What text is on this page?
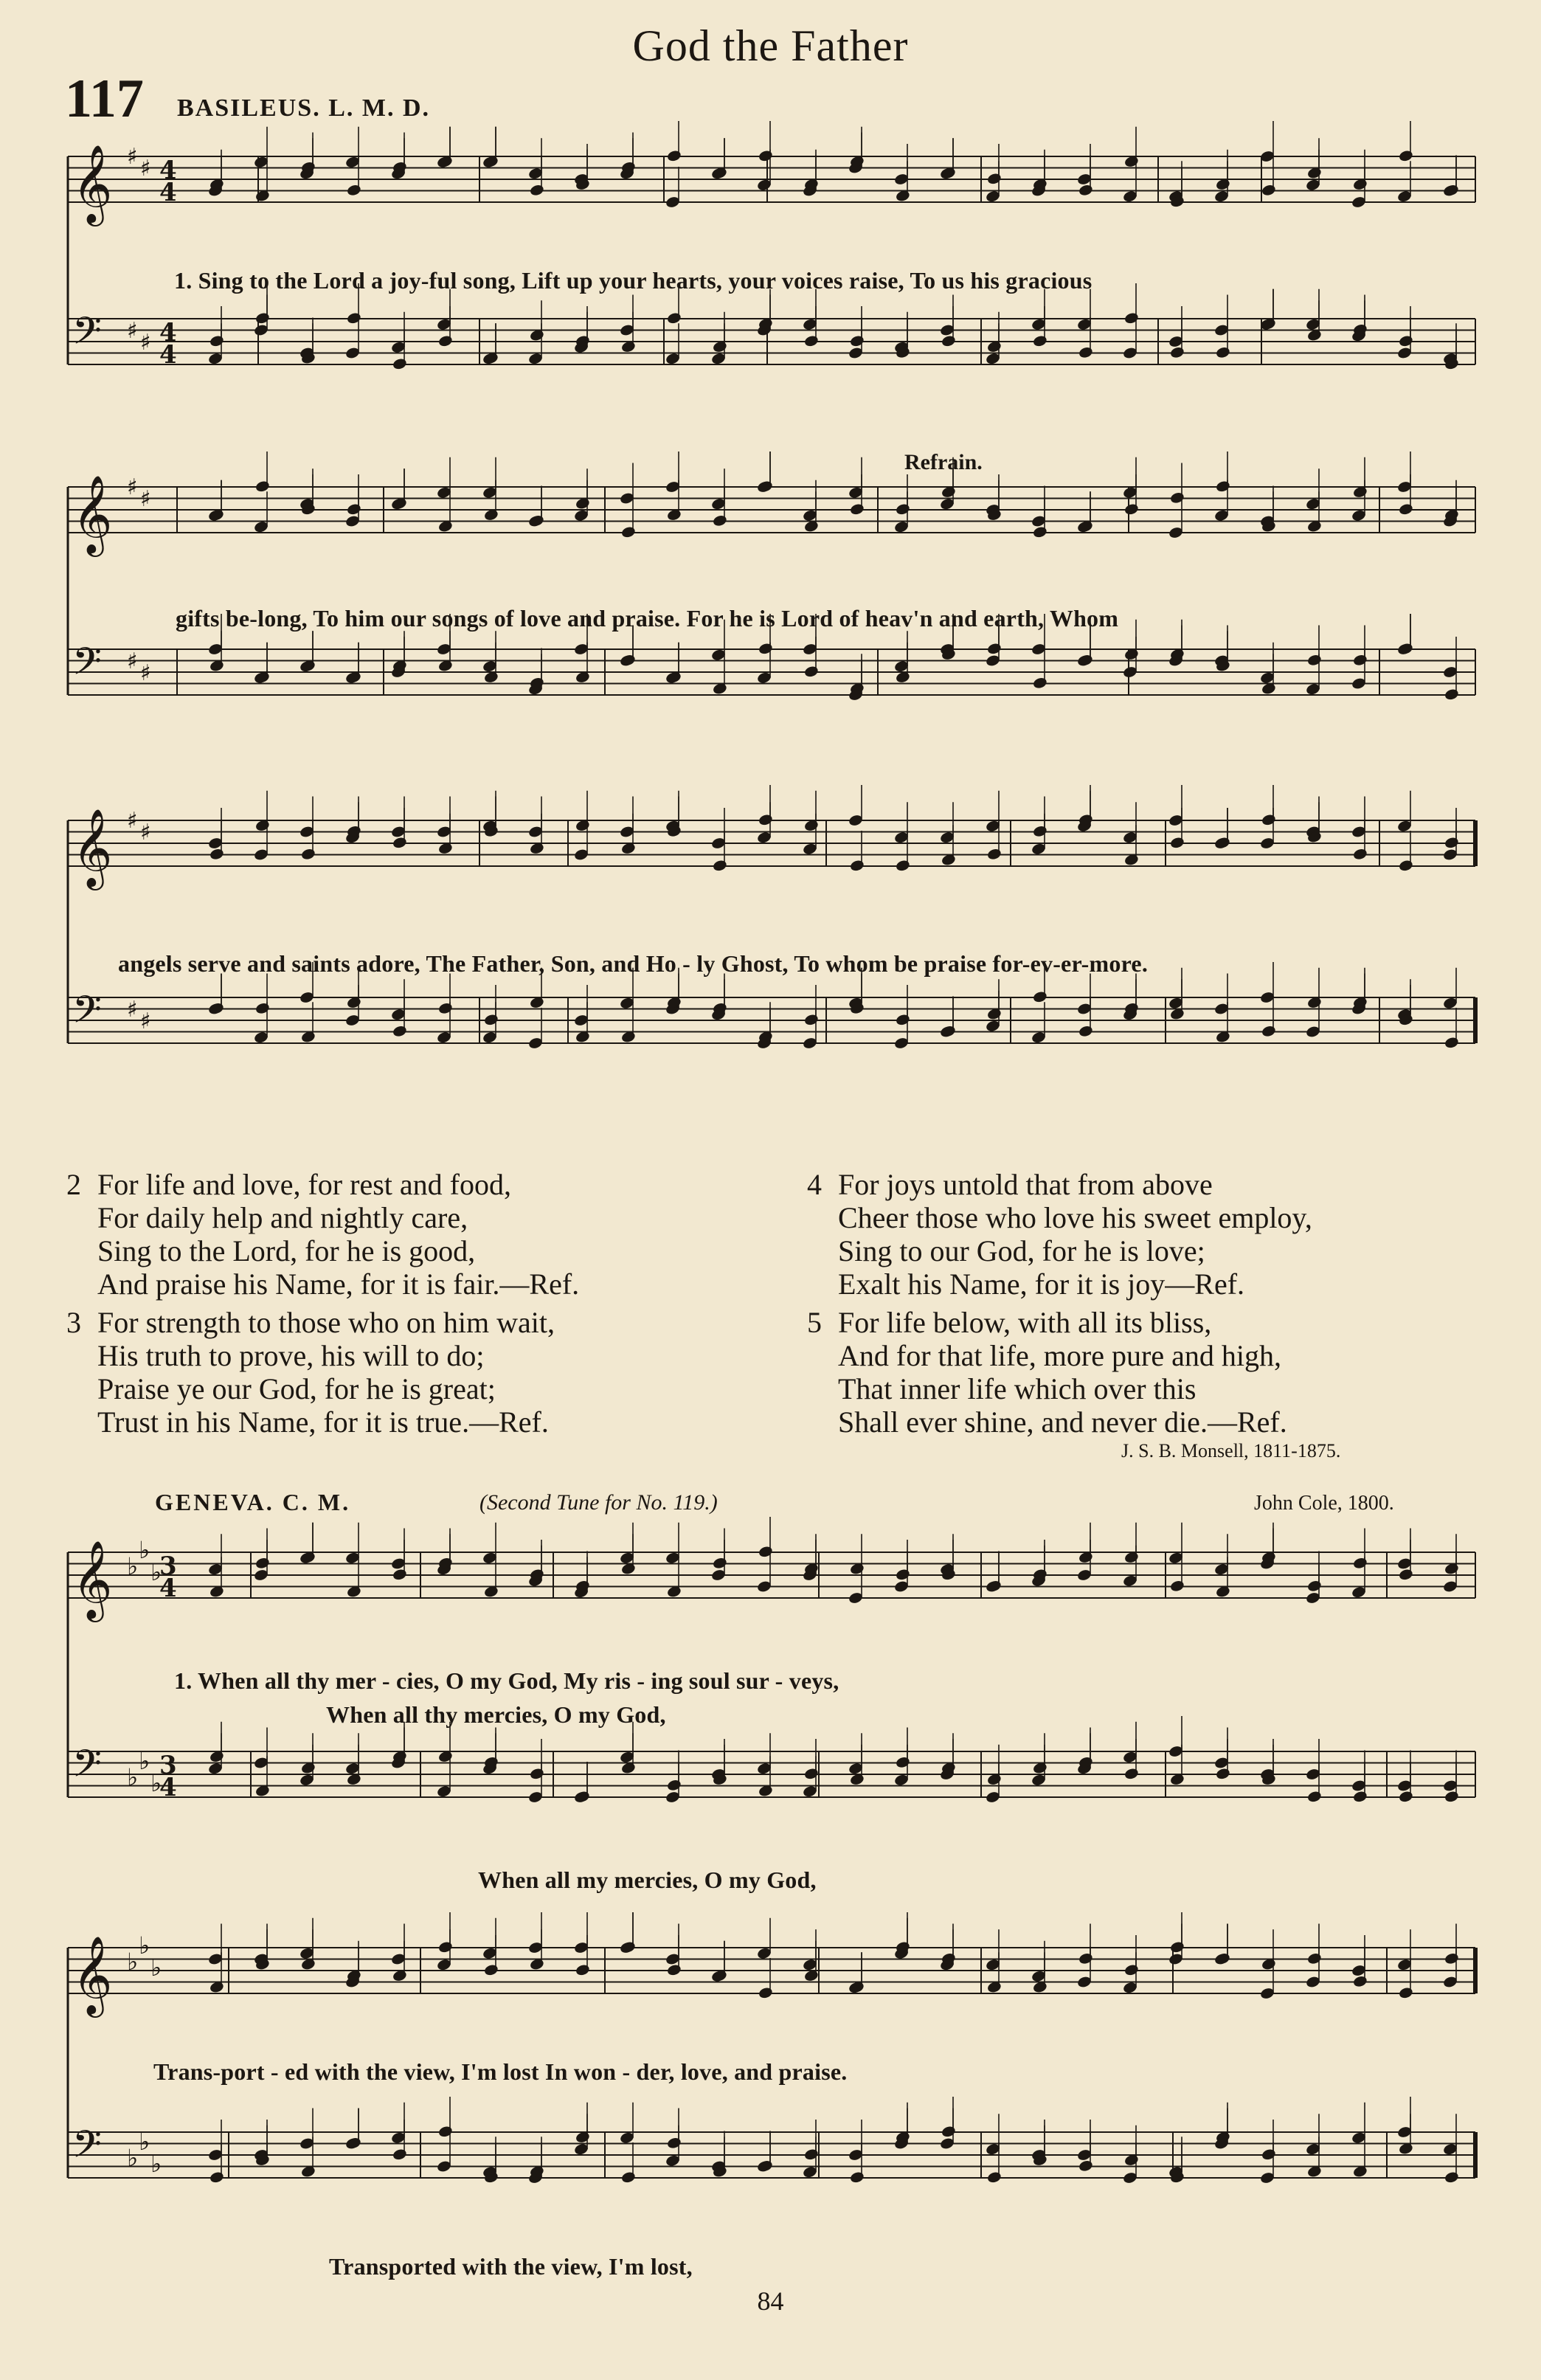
God the Father
117 BASILEUS. L. M. D.
𝄞
𝄢
♯
♯
♯
♯
4
4
4
4
𝄞
𝄢
♯
♯
♯
♯
𝄞
𝄢
♯
♯
♯
♯
𝄞
𝄢
♭
♭
♭
♭
♭
♭
3
4
3
4
𝄞
𝄢
♭
♭
♭
♭
♭
♭
1. Sing to the Lord a joy-ful song, Lift up your hearts, your voices raise, To us his gracious
Refrain.
gifts be-long, To him our songs of love and praise. For he is Lord of heav'n and earth, Whom
angels serve and saints adore, The Father, Son, and Ho - ly Ghost, To whom be praise for-ev-er-more.
2 For life and love, for rest and food,
For daily help and nightly care,
Sing to the Lord, for he is good,
And praise his Name, for it is fair.—Ref.
3 For strength to those who on him wait,
His truth to prove, his will to do;
Praise ye our God, for he is great;
Trust in his Name, for it is true.—Ref.
4 For joys untold that from above
Cheer those who love his sweet employ,
Sing to our God, for he is love;
Exalt his Name, for it is joy—Ref.
5 For life below, with all its bliss,
And for that life, more pure and high,
That inner life which over this
Shall ever shine, and never die.—Ref.
J. S. B. Monsell, 1811-1875.
GENEVA. C. M.	(Second Tune for No. 119.)	John Cole, 1800.
1. When all thy mer - cies, O my God, My ris - ing soul sur - veys,
When all thy mercies, O my God,
When all my mercies, O my God,
Trans-port - ed with the view, I'm lost In won - der, love, and praise.
Transported with the view, I'm lost,
84
